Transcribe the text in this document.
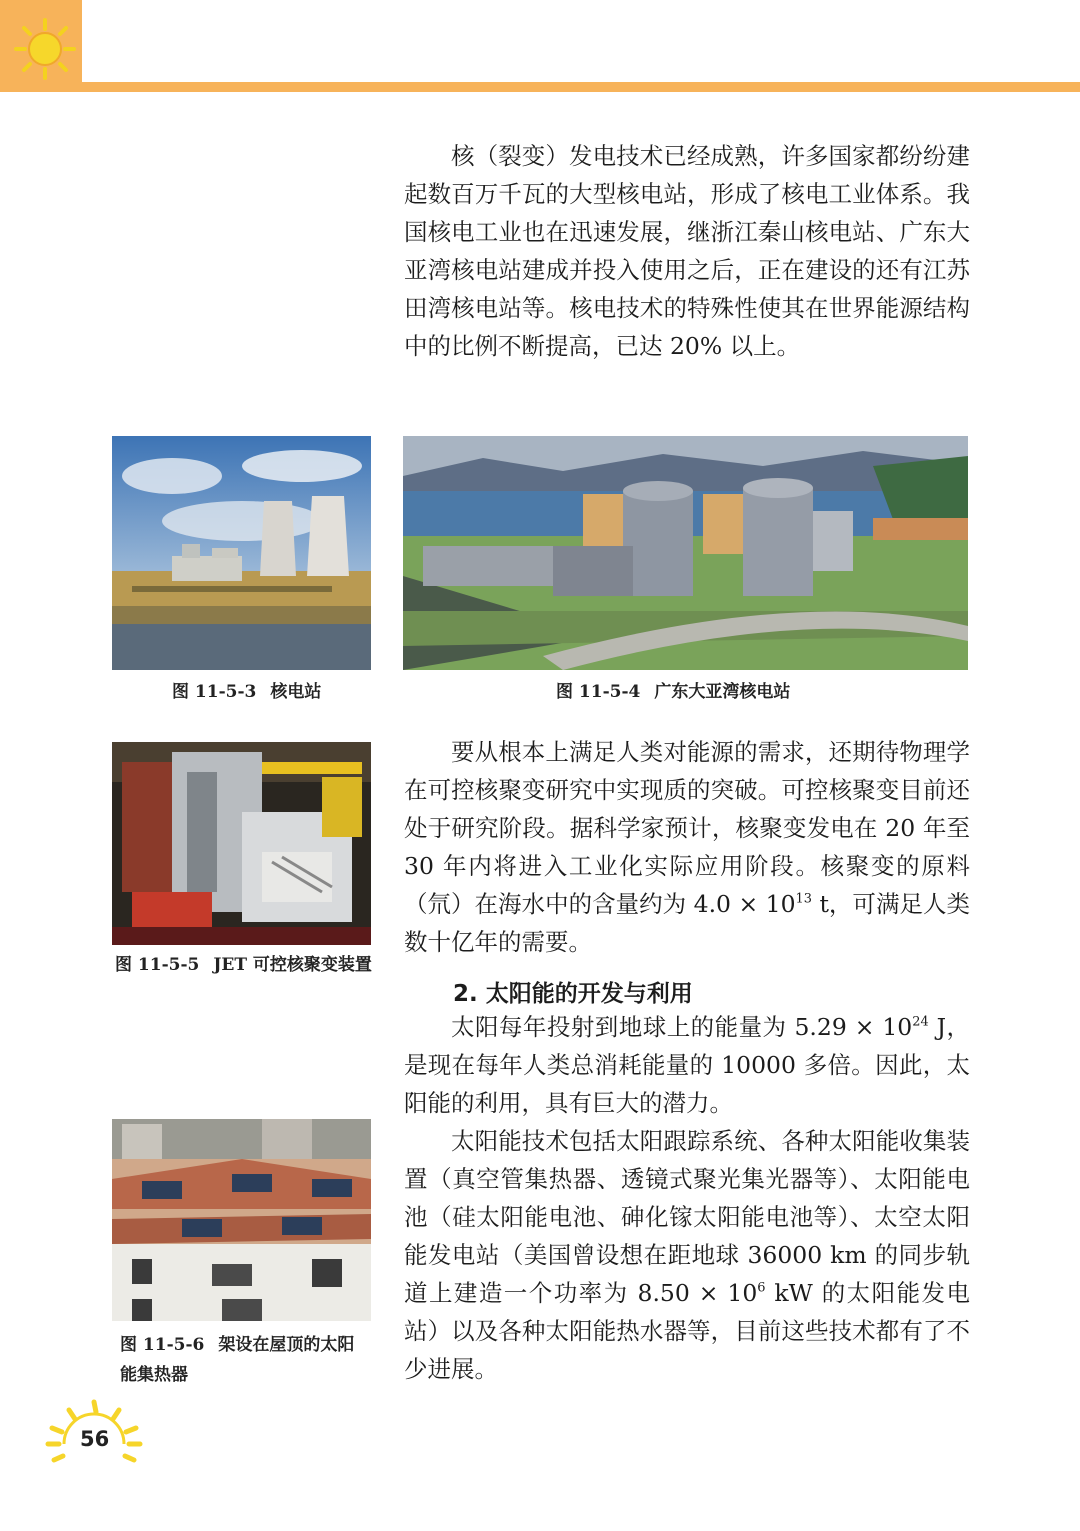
核（裂变）发电技术已经成熟，许多国家都纷纷建起数百万千瓦的大型核电站，形成了核电工业体系。我国核电工业也在迅速发展，继浙江秦山核电站、广东大亚湾核电站建成并投入使用之后，正在建设的还有江苏田湾核电站等。核电技术的特殊性使其在世界能源结构中的比例不断提高，已达 20% 以上。

图 11-5-3 核电站	图 11-5-4 广东大亚湾核电站

图 11-5-5 JET 可控核聚变装置

要从根本上满足人类对能源的需求，还期待物理学在可控核聚变研究中实现质的突破。可控核聚变目前还处于研究阶段。据科学家预计，核聚变发电在 20 年至 30 年内将进入工业化实际应用阶段。核聚变的原料（氘）在海水中的含量约为 $4.0 \times 10^{13}$ t，可满足人类数十亿年的需要。

2. 太阳能的开发与利用

太阳每年投射到地球上的能量为 $5.29 \times 10^{24}$ J，是现在每年人类总消耗能量的 10000 多倍。因此，太阳能的利用，具有巨大的潜力。

太阳能技术包括太阳跟踪系统、各种太阳能收集装置（真空管集热器、透镜式聚光集光器等）、太阳能电池（硅太阳能电池、砷化镓太阳能电池等）、太空太阳能发电站（美国曾设想在距地球 36000 km 的同步轨道上建造一个功率为 $8.50 \times 10^6$ kW 的太阳能发电站）以及各种太阳能热水器等，目前这些技术都有了不少进展。

图 11-5-6 架设在屋顶的太阳能集热器

56
